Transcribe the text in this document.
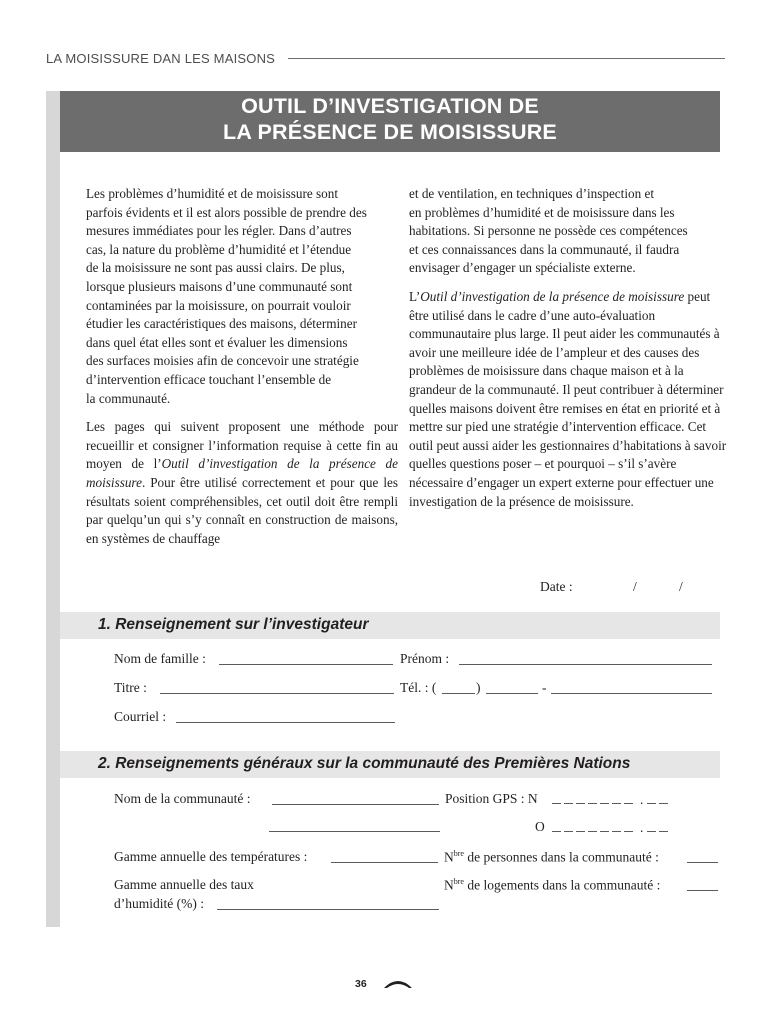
LA MOISISSURE DAN LES MAISONS
OUTIL D’INVESTIGATION DE
LA PRÉSENCE DE MOISISSURE

Les problèmes d’humidité et de moisissure sont
parfois évidents et il est alors possible de prendre des
mesures immédiates pour les régler. Dans d’autres
cas, la nature du problème d’humidité et l’étendue
de la moisissure ne sont pas aussi clairs. De plus,
lorsque plusieurs maisons d’une communauté sont
contaminées par la moisissure, on pourrait vouloir
étudier les caractéristiques des maisons, déterminer
dans quel état elles sont et évaluer les dimensions
des surfaces moisies afin de concevoir une stratégie
d’intervention efficace touchant l’ensemble de
la communauté.

Les pages qui suivent proposent une méthode pour recueillir et consigner l’information requise à cette fin au moyen de l’Outil d’investigation de la présence de moisissure. Pour être utilisé correctement et pour que les résultats soient compréhensibles, cet outil doit être rempli par quelqu’un qui s’y connaît en construction de maisons, en systèmes de chauffage

et de ventilation, en techniques d’inspection et
en problèmes d’humidité et de moisissure dans les
habitations. Si personne ne possède ces compétences
et ces connaissances dans la communauté, il faudra
envisager d’engager un spécialiste externe.

L’Outil d’investigation de la présence de moisissure peut être utilisé dans le cadre d’une auto-évaluation communautaire plus large. Il peut aider les communautés à avoir une meilleure idée de l’ampleur et des causes des problèmes de moisissure dans chaque maison et à la grandeur de la communauté. Il peut contribuer à déterminer quelles maisons doivent être remises en état en priorité et à mettre sur pied une stratégie d’intervention efficace. Cet outil peut aussi aider les gestionnaires d’habitations à savoir quelles questions poser – et pourquoi – s’il s’avère nécessaire d’engager un expert externe pour effectuer une investigation de la présence de moisissure.

Date :	/	/
1. Renseignement sur l’investigateur
Nom de famille :	Prénom :
Titre :	Tél. : (	)	-
Courriel :
2. Renseignements généraux sur la communauté des Premières Nations
Nom de la communauté :	Position GPS : N	.
O	.
Gamme annuelle des températures :	$N^{bre}$ de personnes dans la communauté :
Gamme annuelle des taux
d’humidité (%) :
$N^{bre}$ de logements dans la communauté :
36
